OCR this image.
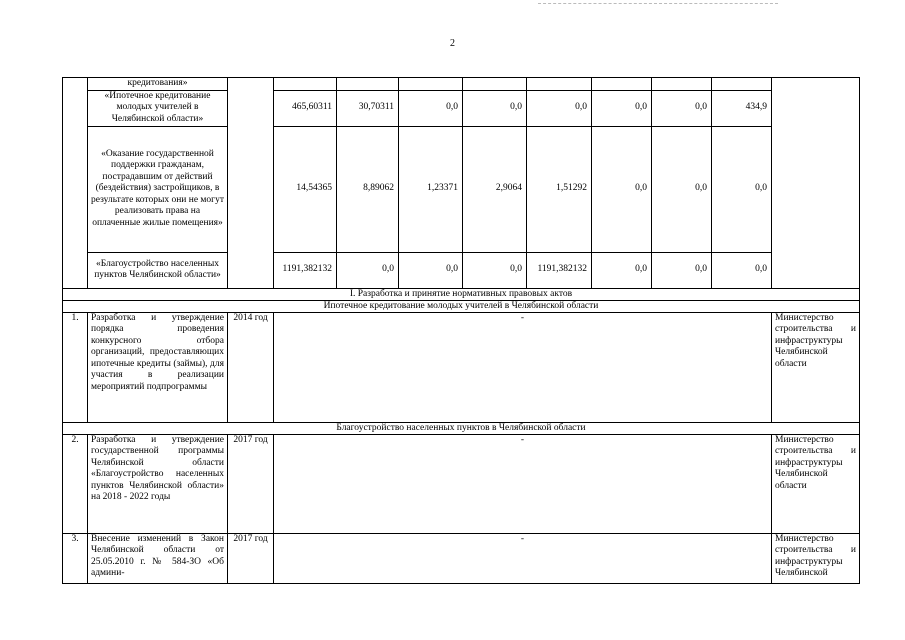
2
	кредитования»										
	«Ипотечное кредитование молодых учителей в Челябинской области»		465,60311	30,70311	0,0	0,0	0,0	0,0	0,0	434,9	
	«Оказание государственной поддержки гражданам, пострадавшим от действий (бездействия) застройщиков, в результате которых они не могут реализовать права на оплаченные жилые помещения»		14,54365	8,89062	1,23371	2,9064	1,51292	0,0	0,0	0,0	
	«Благоустройство населенных пунктов Челябинской области»		1191,382132	0,0	0,0	0,0	1191,382132	0,0	0,0	0,0	
I. Разработка и принятие нормативных правовых актов											
Ипотечное кредитование молодых учителей в Челябинской области											
1.	Разработка и утверждение порядка проведения конкурсного отбора организаций, предоставляющих ипотечные кредиты (займы), для участия в реализации мероприятий подпрограммы	2014 год	-								Министерство строительства и инфраструктуры Челябинской области
Благоустройство населенных пунктов в Челябинской области											
2.	Разработка и утверждение государственной программы Челябинской области «Благоустройство населенных пунктов Челябинской области» на 2018 - 2022 годы	2017 год	-								Министерство строительства и инфраструктуры Челябинской области
3.	Внесение изменений в Закон Челябинской области от 25.05.2010 г. № 584-ЗО «Об админи-	2017 год	-								Министерство строительства и инфраструктуры Челябинской
